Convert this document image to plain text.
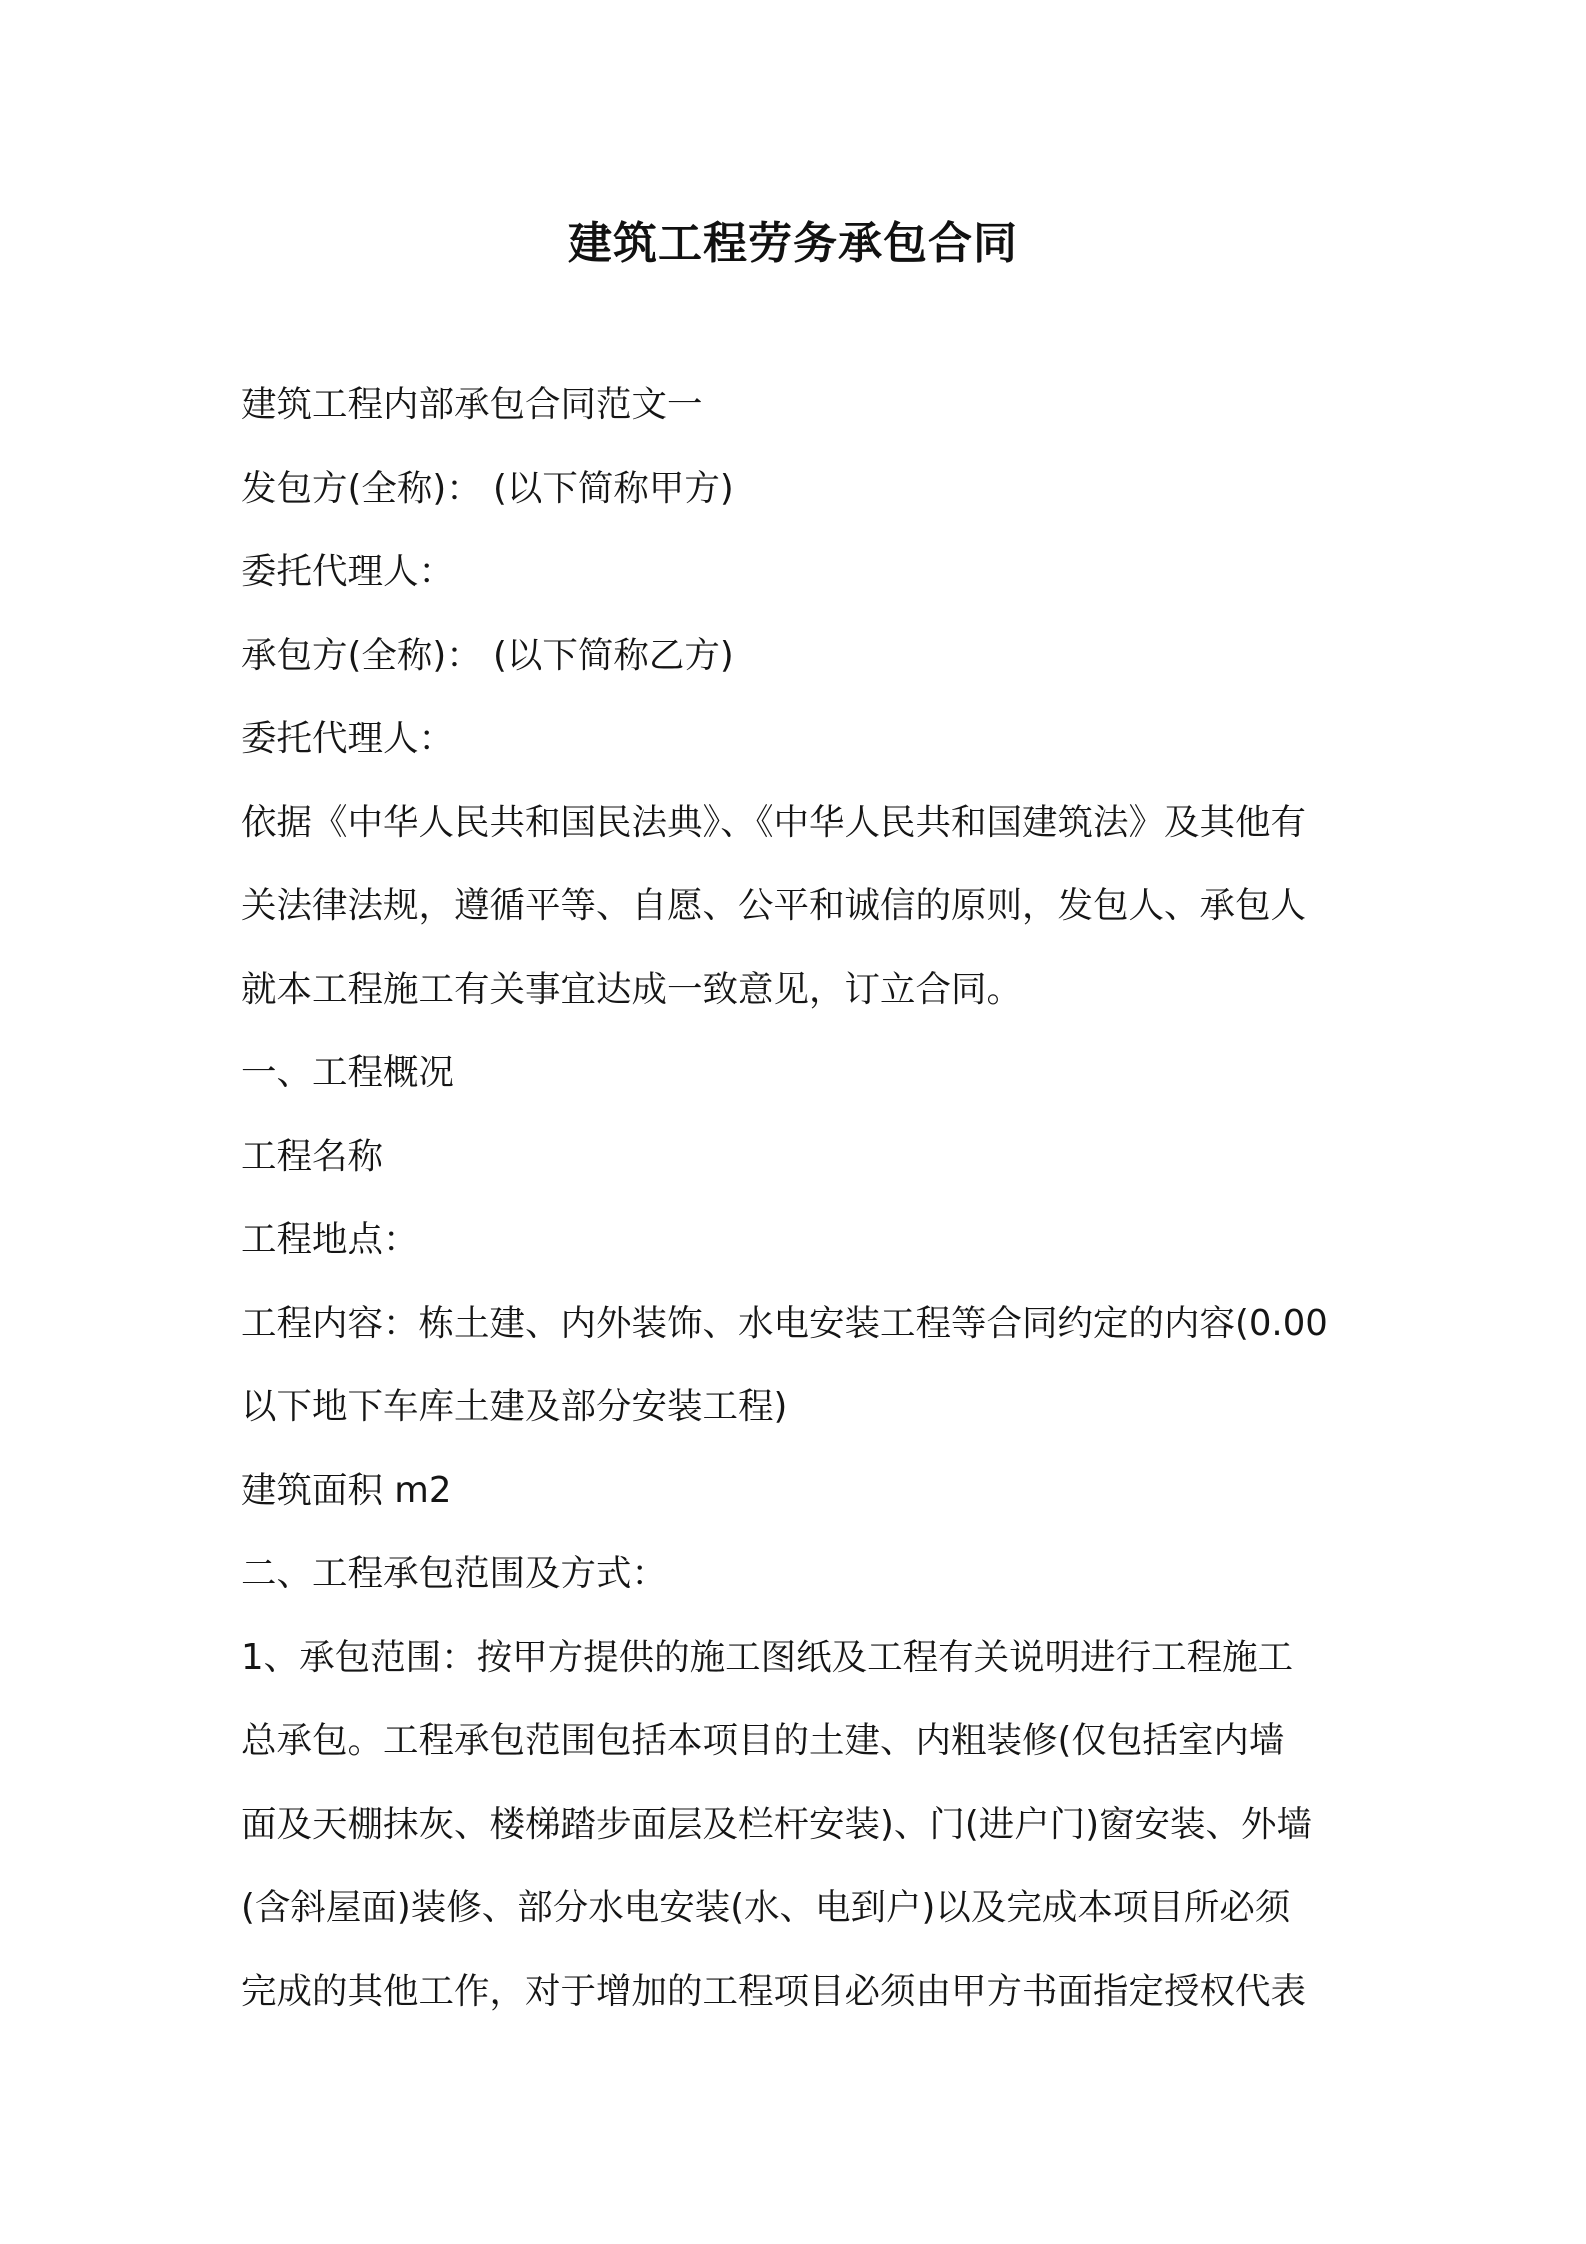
建筑工程劳务承包合同

建筑工程内部承包合同范文一

发包方(全称)： (以下简称甲方)

委托代理人：

承包方(全称)： (以下简称乙方)

委托代理人：

依据《中华人民共和国民法典》、《中华人民共和国建筑法》及其他有

关法律法规，遵循平等、自愿、公平和诚信的原则，发包人、承包人

就本工程施工有关事宜达成一致意见，订立合同。

一、工程概况

工程名称

工程地点：

工程内容：栋土建、内外装饰、水电安装工程等合同约定的内容(0.00

以下地下车库土建及部分安装工程)

建筑面积 m2

二、工程承包范围及方式：

1、承包范围：按甲方提供的施工图纸及工程有关说明进行工程施工

总承包。工程承包范围包括本项目的土建、内粗装修(仅包括室内墙

面及天棚抹灰、楼梯踏步面层及栏杆安装)、门(进户门)窗安装、外墙

(含斜屋面)装修、部分水电安装(水、电到户)以及完成本项目所必须

完成的其他工作，对于增加的工程项目必须由甲方书面指定授权代表
